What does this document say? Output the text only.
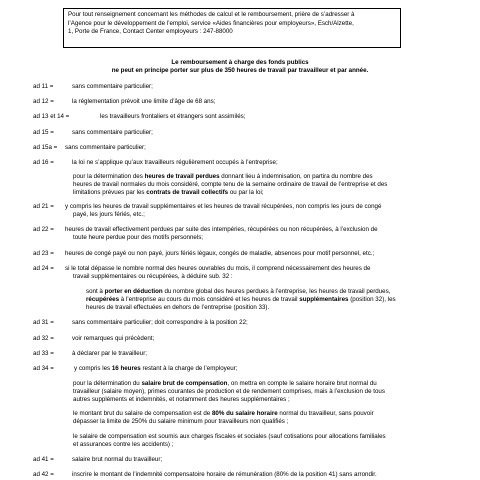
Pour tout renseignement concernant les méthodes de calcul et le remboursement, prière de s’adresser à
l’Agence pour le développement de l’emploi, service «Aides financières pour employeurs», Esch/Alzette,
1, Porte de France, Contact Center employeurs : 247-88000
Le remboursement à charge des fonds publics
ne peut en principe porter sur plus de 350 heures de travail par travailleur et par année.
ad 11 =	sans commentaire particulier;
ad 12 =	la réglementation prévoit une limite d’âge de 68 ans;
ad 13 et 14 =	les travailleurs frontaliers et étrangers sont assimilés;
ad 15 =	sans commentaire particulier;
ad 15a = sans commentaire particulier;
ad 16 =	la loi ne s’applique qu’aux travailleurs régulièrement occupés à l’entreprise;
pour la détermination des heures de travail perdues donnant lieu à indemnisation, on partira du nombre des
heures de travail normales du mois considéré, compte tenu de la semaine ordinaire de travail de l’entreprise et des
limitations prévues par les contrats de travail collectifs ou par la loi;
ad 21 = y compris les heures de travail supplémentaires et les heures de travail récupérées, non compris les jours de congé
payé, les jours fériés, etc.;
ad 22 = heures de travail effectivement perdues par suite des intempéries, récupérées ou non récupérées, à l’exclusion de
toute heure perdue pour des motifs personnels;
ad 23 = heures de congé payé ou non payé, jours fériés légaux, congés de maladie, absences pour motif personnel, etc.;
ad 24 = si le total dépasse le nombre normal des heures ouvrables du mois, il comprend nécessairement des heures de
travail supplémentaires ou récupérées, à déduire sub. 32 :
sont à porter en déduction du nombre global des heures perdues à l’entreprise, les heures de travail perdues,
récupérées à l’entreprise au cours du mois considéré et les heures de travail supplémentaires (position 32), les
heures de travail effectuées en dehors de l’entreprise (position 33).
ad 31 =	sans commentaire particulier; doit correspondre à la position 22;
ad 32 =	voir remarques qui précèdent;
ad 33 =	à déclarer par le travailleur;
ad 34 =	y compris les 16 heures restant à la charge de l’employeur;
pour la détermination du salaire brut de compensation, on mettra en compte le salaire horaire brut normal du
travailleur (salaire moyen), primes courantes de production et de rendement comprises, mais à l’exclusion de tous
autres suppléments et indemnités, et notamment des heures supplémentaires ;
le montant brut du salaire de compensation est de 80% du salaire horaire normal du travailleur, sans pouvoir
dépasser la limite de 250% du salaire minimum pour travailleurs non qualifiés ;
le salaire de compensation est soumis aux charges fiscales et sociales (sauf cotisations pour allocations familiales
et assurances contre les accidents) ;
ad 41 =	salaire brut normal du travailleur;
ad 42 =	inscrire le montant de l’indemnité compensatoire horaire de rémunération (80% de la position 41) sans arrondir.
